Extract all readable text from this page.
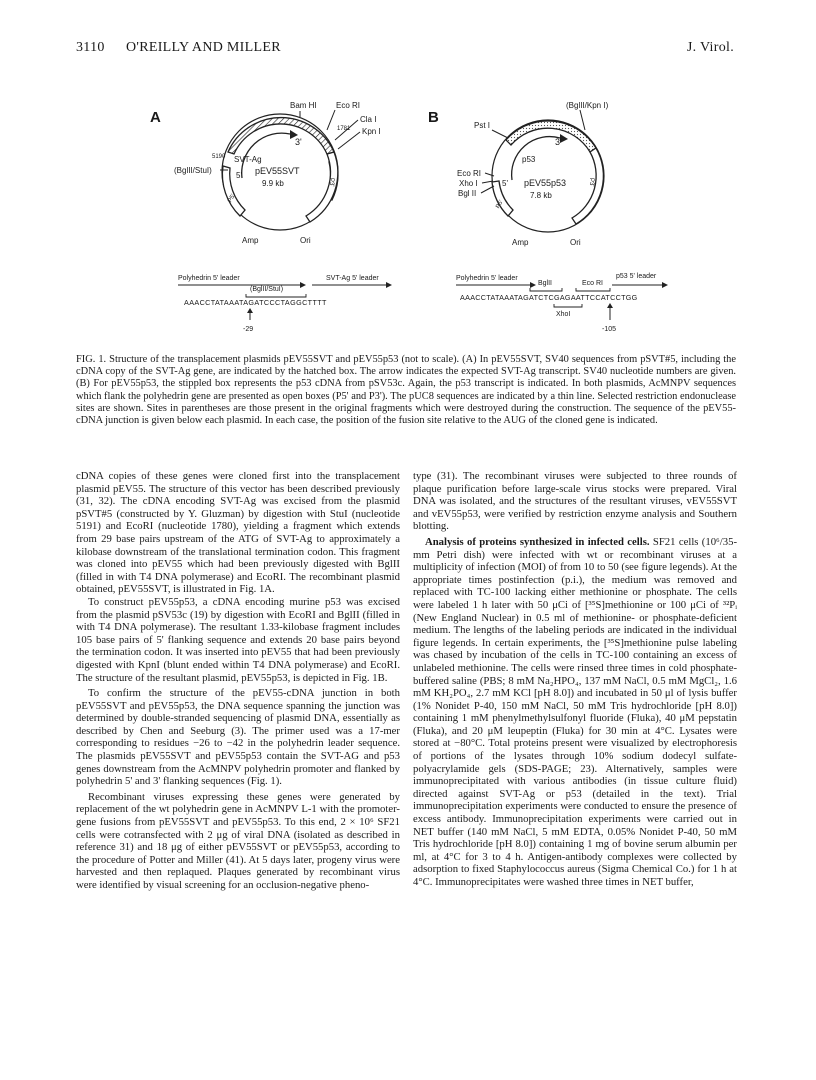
3110 O'REILLY AND MILLER	J. Virol.
A
Bam HI Eco RI
Cla I
Kpn I
1781
3'
5190 SVT-Ag
(BglII/StuI)
5' pEV55SVT
9.9 kb
P5'
P3'
Amp	Ori
Polyhedrin 5' leader	SVT-Ag 5' leader
(BglII/StuI)
AAACCTATAAATAGATCCCTAGGCTTTT
-29
B	Pst I
(BglII/Kpn I)
3'
p53
Eco RI
Xho I
Bgl II
5' pEV55p53
7.8 kb
P5'
P3'
Amp	Ori
Polyhedrin 5' leader
BglII	Eco RI
p53 5' leader
AAACCTATAAATAGATCTCGAGAATTCCATCCTGG
XhoI
-105
FIG. 1. Structure of the transplacement plasmids pEV55SVT and pEV55p53 (not to scale). (A) In pEV55SVT, SV40 sequences from pSVT#5, including the cDNA copy of the SVT-Ag gene, are indicated by the hatched box. The arrow indicates the expected SVT-Ag transcript. SV40 nucleotide numbers are given. (B) For pEV55p53, the stippled box represents the p53 cDNA from pSV53c. Again, the p53 transcript is indicated. In both plasmids, AcMNPV sequences which flank the polyhedrin gene are presented as open boxes (P5' and P3'). The pUC8 sequences are indicated by a thin line. Selected restriction endonuclease sites are shown. Sites in parentheses are those present in the original fragments which were destroyed during the construction. The sequence of the pEV55-cDNA junction is given below each plasmid. In each case, the position of the fusion site relative to the AUG of the cloned gene is indicated.

cDNA copies of these genes were cloned first into the transplacement plasmid pEV55. The structure of this vector has been described previously (31, 32). The cDNA encoding SVT-Ag was excised from the plasmid pSVT#5 (constructed by Y. Gluzman) by digestion with StuI (nucleotide 5191) and EcoRI (nucleotide 1780), yielding a fragment which extends from 29 base pairs upstream of the ATG of SVT-Ag to approximately a kilobase downstream of the translational termination codon. This fragment was cloned into pEV55 which had been previously digested with BglII (filled in with T4 DNA polymerase) and EcoRI. The recombinant plasmid obtained, pEV55SVT, is illustrated in Fig. 1A.

To construct pEV55p53, a cDNA encoding murine p53 was excised from the plasmid pSV53c (19) by digestion with EcoRI and BglII (filled in with T4 DNA polymerase). The resultant 1.33-kilobase fragment includes 105 base pairs of 5' flanking sequence and extends 20 base pairs beyond the termination codon. It was inserted into pEV55 that had been previously digested with KpnI (blunt ended within T4 DNA polymerase) and EcoRI. The structure of the resultant plasmid, pEV55p53, is depicted in Fig. 1B.

To confirm the structure of the pEV55-cDNA junction in both pEV55SVT and pEV55p53, the DNA sequence spanning the junction was determined by double-stranded sequencing of plasmid DNA, essentially as described by Chen and Seeburg (3). The primer used was a 17-mer corresponding to residues −26 to −42 in the polyhedrin leader sequence. The plasmids pEV55SVT and pEV55p53 contain the SVT-AG and p53 genes downstream from the AcMNPV polyhedrin promoter and flanked by polyhedrin 5' and 3' flanking sequences (Fig. 1).

Recombinant viruses expressing these genes were generated by replacement of the wt polyhedrin gene in AcMNPV L-1 with the promoter-gene fusions from pEV55SVT and pEV55p53. To this end, 2 × 10⁶ SF21 cells were cotransfected with 2 μg of viral DNA (isolated as described in reference 31) and 18 μg of either pEV55SVT or pEV55p53, according to the procedure of Potter and Miller (41). At 5 days later, progeny virus were harvested and then replaqued. Plaques generated by recombinant virus were identified by visual screening for an occlusion-negative pheno-

type (31). The recombinant viruses were subjected to three rounds of plaque purification before large-scale virus stocks were prepared. Viral DNA was isolated, and the structures of the resultant viruses, vEV55SVT and vEV55p53, were verified by restriction enzyme analysis and Southern blotting.

Analysis of proteins synthesized in infected cells. SF21 cells (10⁶/35-mm Petri dish) were infected with wt or recombinant viruses at a multiplicity of infection (MOI) of from 10 to 50 (see figure legends). At the appropriate times postinfection (p.i.), the medium was removed and replaced with TC-100 lacking either methionine or phosphate. The cells were labeled 1 h later with 50 μCi of [³⁵S]methionine or 100 μCi of ³²Pᵢ (New England Nuclear) in 0.5 ml of methionine- or phosphate-deficient medium. The lengths of the labeling periods are indicated in the individual figure legends. In certain experiments, the [³⁵S]methionine pulse labeling was chased by incubation of the cells in TC-100 containing an excess of unlabeled methionine. The cells were rinsed three times in cold phosphate-buffered saline (PBS; 8 mM Na₂HPO₄, 137 mM NaCl, 0.5 mM MgCl₂, 1.6 mM KH₂PO₄, 2.7 mM KCl [pH 8.0]) and incubated in 50 μl of lysis buffer (1% Nonidet P-40, 150 mM NaCl, 50 mM Tris hydrochloride [pH 8.0]) containing 1 mM phenylmethylsulfonyl fluoride (Fluka), 40 μM pepstatin (Fluka), and 20 μM leupeptin (Fluka) for 30 min at 4°C. Lysates were stored at −80°C. Total proteins present were visualized by electrophoresis of portions of the lysates through 10% sodium dodecyl sulfate-polyacrylamide gels (SDS-PAGE; 23). Alternatively, samples were immunoprecipitated with various antibodies (in tissue culture fluid) directed against SVT-Ag or p53 (detailed in the text). Trial immunoprecipitation experiments were conducted to ensure the presence of excess antibody. Immunoprecipitation experiments were carried out in NET buffer (140 mM NaCl, 5 mM EDTA, 0.05% Nonidet P-40, 50 mM Tris hydrochloride [pH 8.0]) containing 1 mg of bovine serum albumin per ml, at 4°C for 3 to 4 h. Antigen-antibody complexes were collected by adsorption to fixed Staphylococcus aureus (Sigma Chemical Co.) for 1 h at 4°C. Immunoprecipitates were washed three times in NET buffer,
